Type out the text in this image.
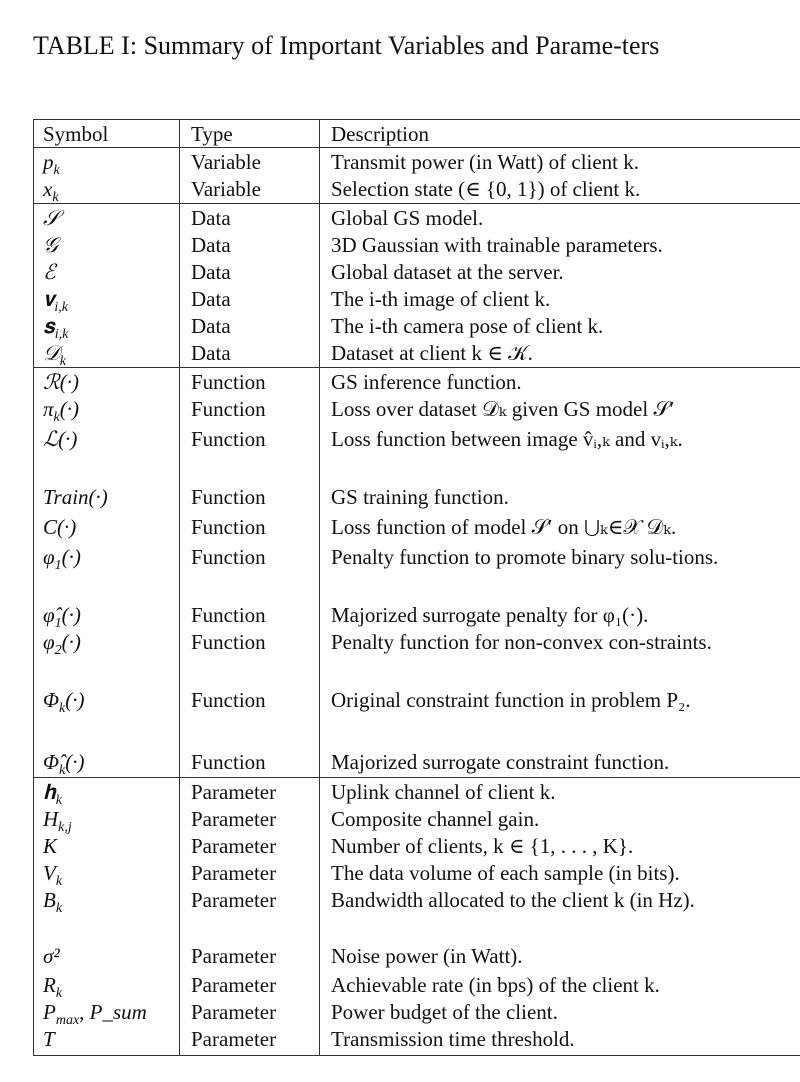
TABLE I: Summary of Important Variables and Parame-ters
Symbol	Type	Description
$p_k$	Variable	Transmit power (in Watt) of client k.
$x_k$	Variable	Selection state (∈ {0, 1}) of client k.
𝒮	Data	Global GS model.
𝒢	Data	3D Gaussian with trainable parameters.
ℰ	Data	Global dataset at the server.
𝐯$_{i,k}$	Data	The i-th image of client k.
𝐬$_{i,k}$	Data	The i-th camera pose of client k.
𝒟$_k$	Data	Dataset at client k ∈ 𝒦.
ℛ(·)	Function	GS inference function.
$\pi_k(\cdot)$	Function	Loss over dataset 𝒟ₖ given GS model 𝒮′
ℒ(·)	Function	Loss function between image v̂ᵢ,ₖ and vᵢ,ₖ.
Train(·)	Function	GS training function.
C(·)	Function	Loss function of model 𝒮′ on ⋃ₖ∈𝒳 𝒟ₖ.
$\varphi_1(\cdot)$	Function	Penalty function to promote binary solu-tions.
$\varphî_1(\cdot)$	Function	Majorized surrogate penalty for φ₁(·).
$\varphi_2(\cdot)$	Function	Penalty function for non-convex con-straints.
$\Phi_k(\cdot)$	Function	Original constraint function in problem P₂.
$\Phî_k(\cdot)$	Function	Majorized surrogate constraint function.
𝐡$_k$	Parameter	Uplink channel of client k.
$H_{k,j}$	Parameter	Composite channel gain.
K	Parameter	Number of clients, k ∈ {1, . . . , K}.
$V_k$	Parameter	The data volume of each sample (in bits).
$B_k$	Parameter	Bandwidth allocated to the client k (in Hz).
σ²	Parameter	Noise power (in Watt).
$R_k$	Parameter	Achievable rate (in bps) of the client k.
$P_{max}$, P_sum	Parameter	Power budget of the client.
T	Parameter	Transmission time threshold.
